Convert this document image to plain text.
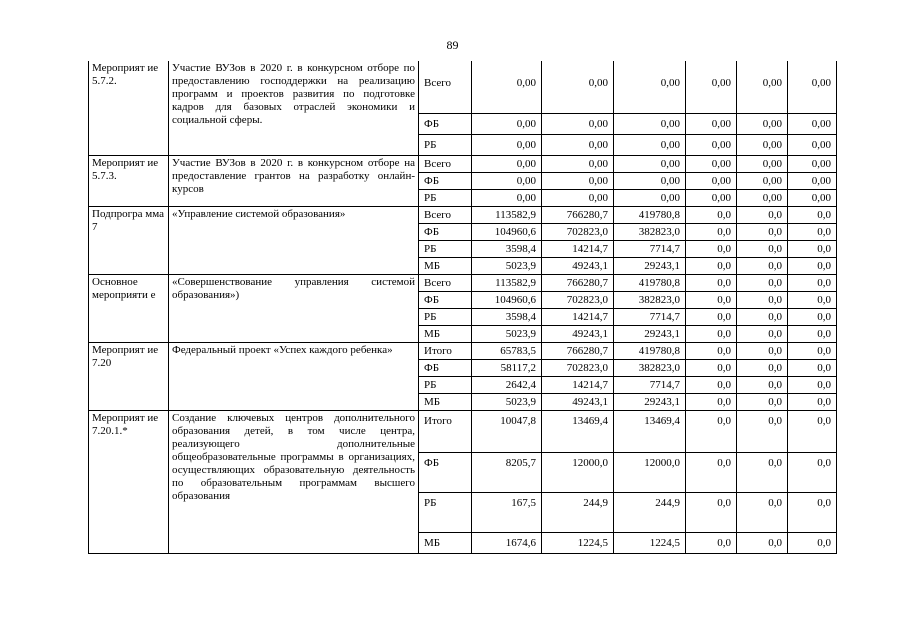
89
Мероприят ие 5.7.2.	Участие ВУЗов в 2020 г. в конкурсном отборе по предоставлению господдержки на реализацию программ и проектов развития по подготовке кадров для базовых отраслей экономики и социальной сферы.	Всего	0,00	0,00	0,00	0,00	0,00	0,00
		ФБ	0,00	0,00	0,00	0,00	0,00	0,00
		РБ	0,00	0,00	0,00	0,00	0,00	0,00
Мероприят ие 5.7.3.	Участие ВУЗов в 2020 г. в конкурсном отборе на предоставление грантов на разработку онлайн-курсов	Всего	0,00	0,00	0,00	0,00	0,00	0,00
		ФБ	0,00	0,00	0,00	0,00	0,00	0,00
		РБ	0,00	0,00	0,00	0,00	0,00	0,00
Подпрогра мма 7	«Управление системой образования»	Всего	113582,9	766280,7	419780,8	0,0	0,0	0,0
		ФБ	104960,6	702823,0	382823,0	0,0	0,0	0,0
		РБ	3598,4	14214,7	7714,7	0,0	0,0	0,0
		МБ	5023,9	49243,1	29243,1	0,0	0,0	0,0
Основное мероприяти е	«Совершенствование управления системой образования»)	Всего	113582,9	766280,7	419780,8	0,0	0,0	0,0
		ФБ	104960,6	702823,0	382823,0	0,0	0,0	0,0
		РБ	3598,4	14214,7	7714,7	0,0	0,0	0,0
		МБ	5023,9	49243,1	29243,1	0,0	0,0	0,0
Мероприят ие 7.20	Федеральный проект «Успех каждого ребенка»	Итого	65783,5	766280,7	419780,8	0,0	0,0	0,0
		ФБ	58117,2	702823,0	382823,0	0,0	0,0	0,0
		РБ	2642,4	14214,7	7714,7	0,0	0,0	0,0
		МБ	5023,9	49243,1	29243,1	0,0	0,0	0,0
Мероприят ие 7.20.1.*	Создание ключевых центров дополнительного образования детей, в том числе центра, реализующего дополнительные общеобразовательные программы в организациях, осуществляющих образовательную деятельность по образовательным программам высшего образования	Итого	10047,8	13469,4	13469,4	0,0	0,0	0,0
		ФБ	8205,7	12000,0	12000,0	0,0	0,0	0,0
		РБ	167,5	244,9	244,9	0,0	0,0	0,0
		МБ	1674,6	1224,5	1224,5	0,0	0,0	0,0
